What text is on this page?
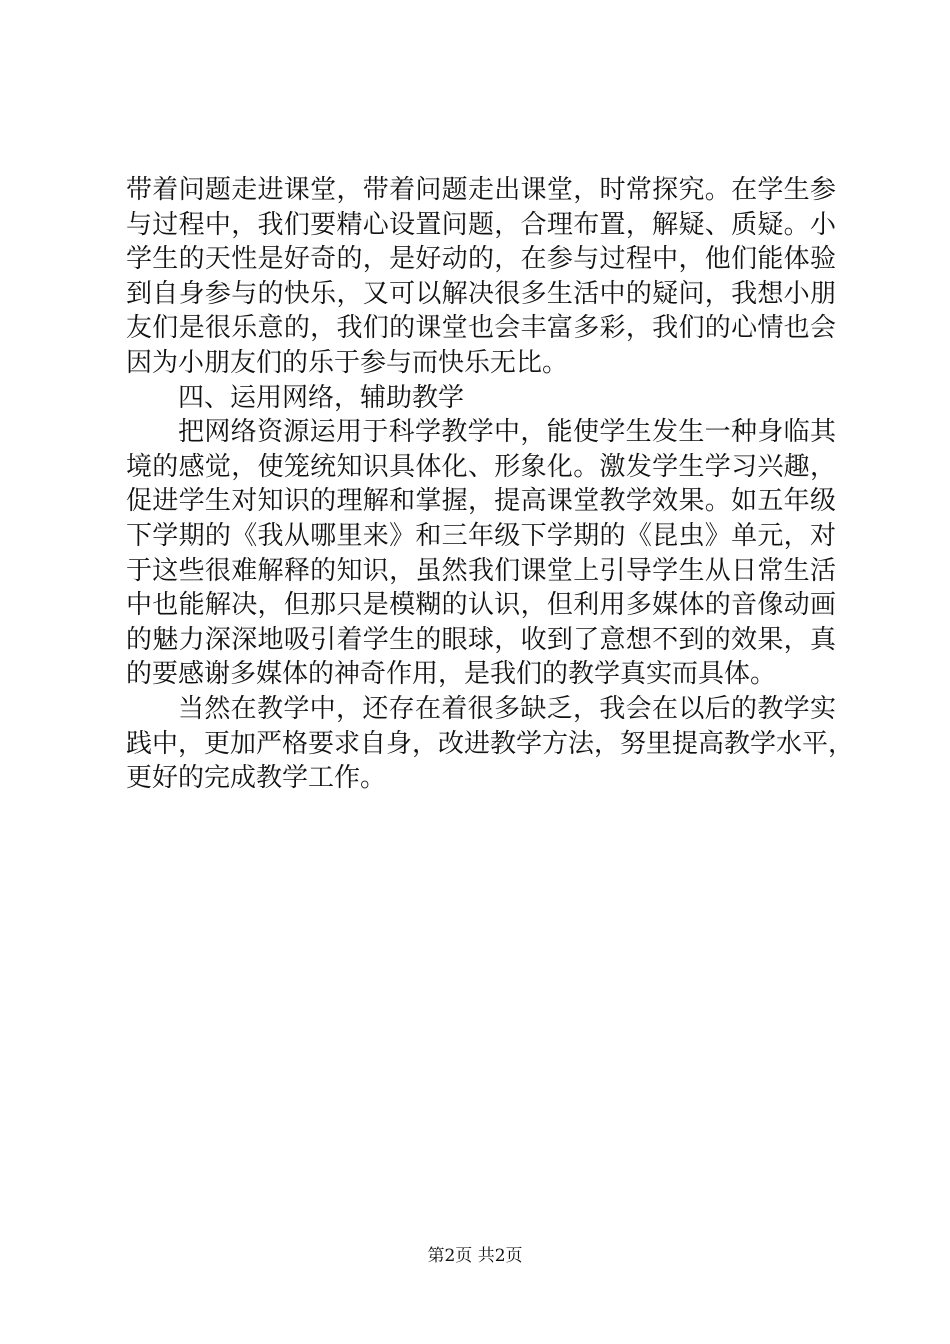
带着问题走进课堂，带着问题走出课堂，时常探究。在学生参
与过程中，我们要精心设置问题，合理布置，解疑、质疑。小
学生的天性是好奇的，是好动的，在参与过程中，他们能体验
到自身参与的快乐，又可以解决很多生活中的疑问，我想小朋
友们是很乐意的，我们的课堂也会丰富多彩，我们的心情也会
因为小朋友们的乐于参与而快乐无比。
四、运用网络，辅助教学
把网络资源运用于科学教学中，能使学生发生一种身临其
境的感觉，使笼统知识具体化、形象化。激发学生学习兴趣，
促进学生对知识的理解和掌握，提高课堂教学效果。如五年级
下学期的《我从哪里来》和三年级下学期的《昆虫》单元，对
于这些很难解释的知识，虽然我们课堂上引导学生从日常生活
中也能解决，但那只是模糊的认识，但利用多媒体的音像动画
的魅力深深地吸引着学生的眼球，收到了意想不到的效果，真
的要感谢多媒体的神奇作用，是我们的教学真实而具体。
当然在教学中，还存在着很多缺乏，我会在以后的教学实
践中，更加严格要求自身，改进教学方法，努里提高教学水平，
更好的完成教学工作。
第2页 共2页
